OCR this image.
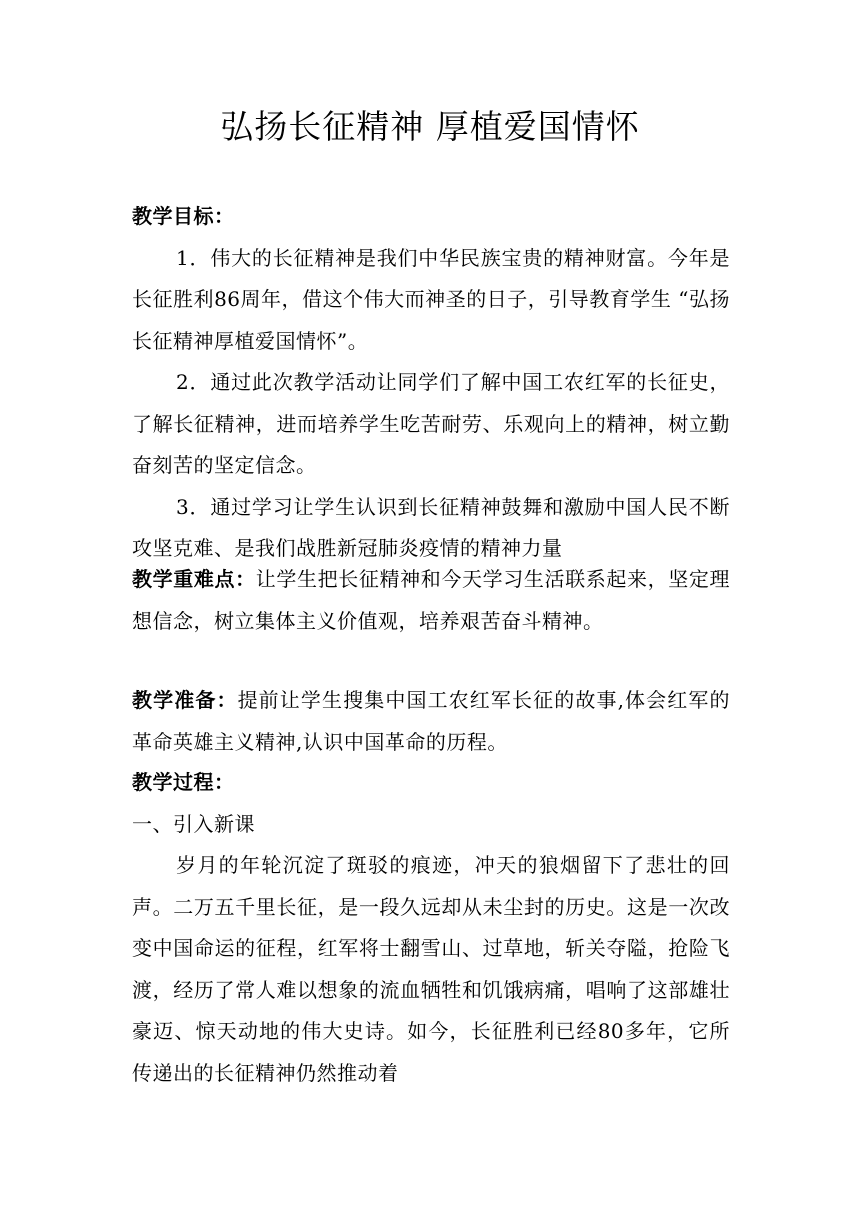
弘扬长征精神 厚植爱国情怀
教学目标：

1．伟大的长征精神是我们中华民族宝贵的精神财富。今年是长征胜利86周年，借这个伟大而神圣的日子，引导教育学生 “弘扬长征精神厚植爱国情怀”。

2．通过此次教学活动让同学们了解中国工农红军的长征史，了解长征精神，进而培养学生吃苦耐劳、乐观向上的精神，树立勤奋刻苦的坚定信念。

3．通过学习让学生认识到长征精神鼓舞和激励中国人民不断攻坚克难、是我们战胜新冠肺炎疫情的精神力量

教学重难点：让学生把长征精神和今天学习生活联系起来，坚定理想信念，树立集体主义价值观，培养艰苦奋斗精神。

教学准备：提前让学生搜集中国工农红军长征的故事,体会红军的革命英雄主义精神,认识中国革命的历程。

教学过程：
一、引入新课

岁月的年轮沉淀了斑驳的痕迹，冲天的狼烟留下了悲壮的回声。二万五千里长征，是一段久远却从未尘封的历史。这是一次改变中国命运的征程，红军将士翻雪山、过草地，斩关夺隘，抢险飞渡，经历了常人难以想象的流血牺牲和饥饿病痛，唱响了这部雄壮豪迈、惊天动地的伟大史诗。如今，长征胜利已经80多年，它所传递出的长征精神仍然推动着
